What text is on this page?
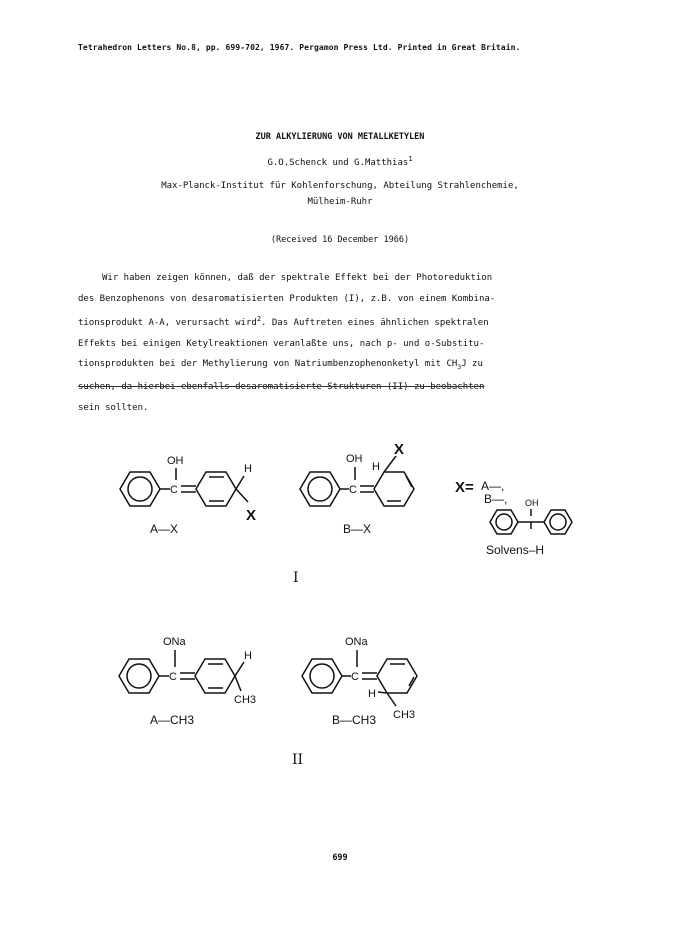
Tetrahedron Letters No.8, pp. 699-702, 1967. Pergamon Press Ltd. Printed in Great Britain.
ZUR ALKYLIERUNG VON METALLKETYLEN
G.O.Schenck und G.Matthias$^1$
Max-Planck-Institut für Kohlenforschung, Abteilung Strahlenchemie,
Mülheim-Ruhr
(Received 16 December 1966)

Wir haben zeigen können, daß der spektrale Effekt bei der Photoreduktion

des Benzophenons von desaromatisierten Produkten (I), z.B. von einem Kombina-

tionsprodukt A-A, verursacht wird$^2$. Das Auftreten eines ähnlichen spektralen

Effekts bei einigen Ketylreaktionen veranlaßte uns, nach p- und o-Substitu-

tionsprodukten bei der Methylierung von Natriumbenzophenonketyl mit $CH_3J$ zu

suchen, da hierbei ebenfalls desaromatisierte Strukturen (II) zu beobachten

sein sollten.

C
OH
H
X
A—X
C
OH
H
X
B—X
X= A—,
B—, OH
Solvens–H
I
C
ONa
H
CH3
A—CH3
C
ONa
H
CH3
B—CH3
II
699
